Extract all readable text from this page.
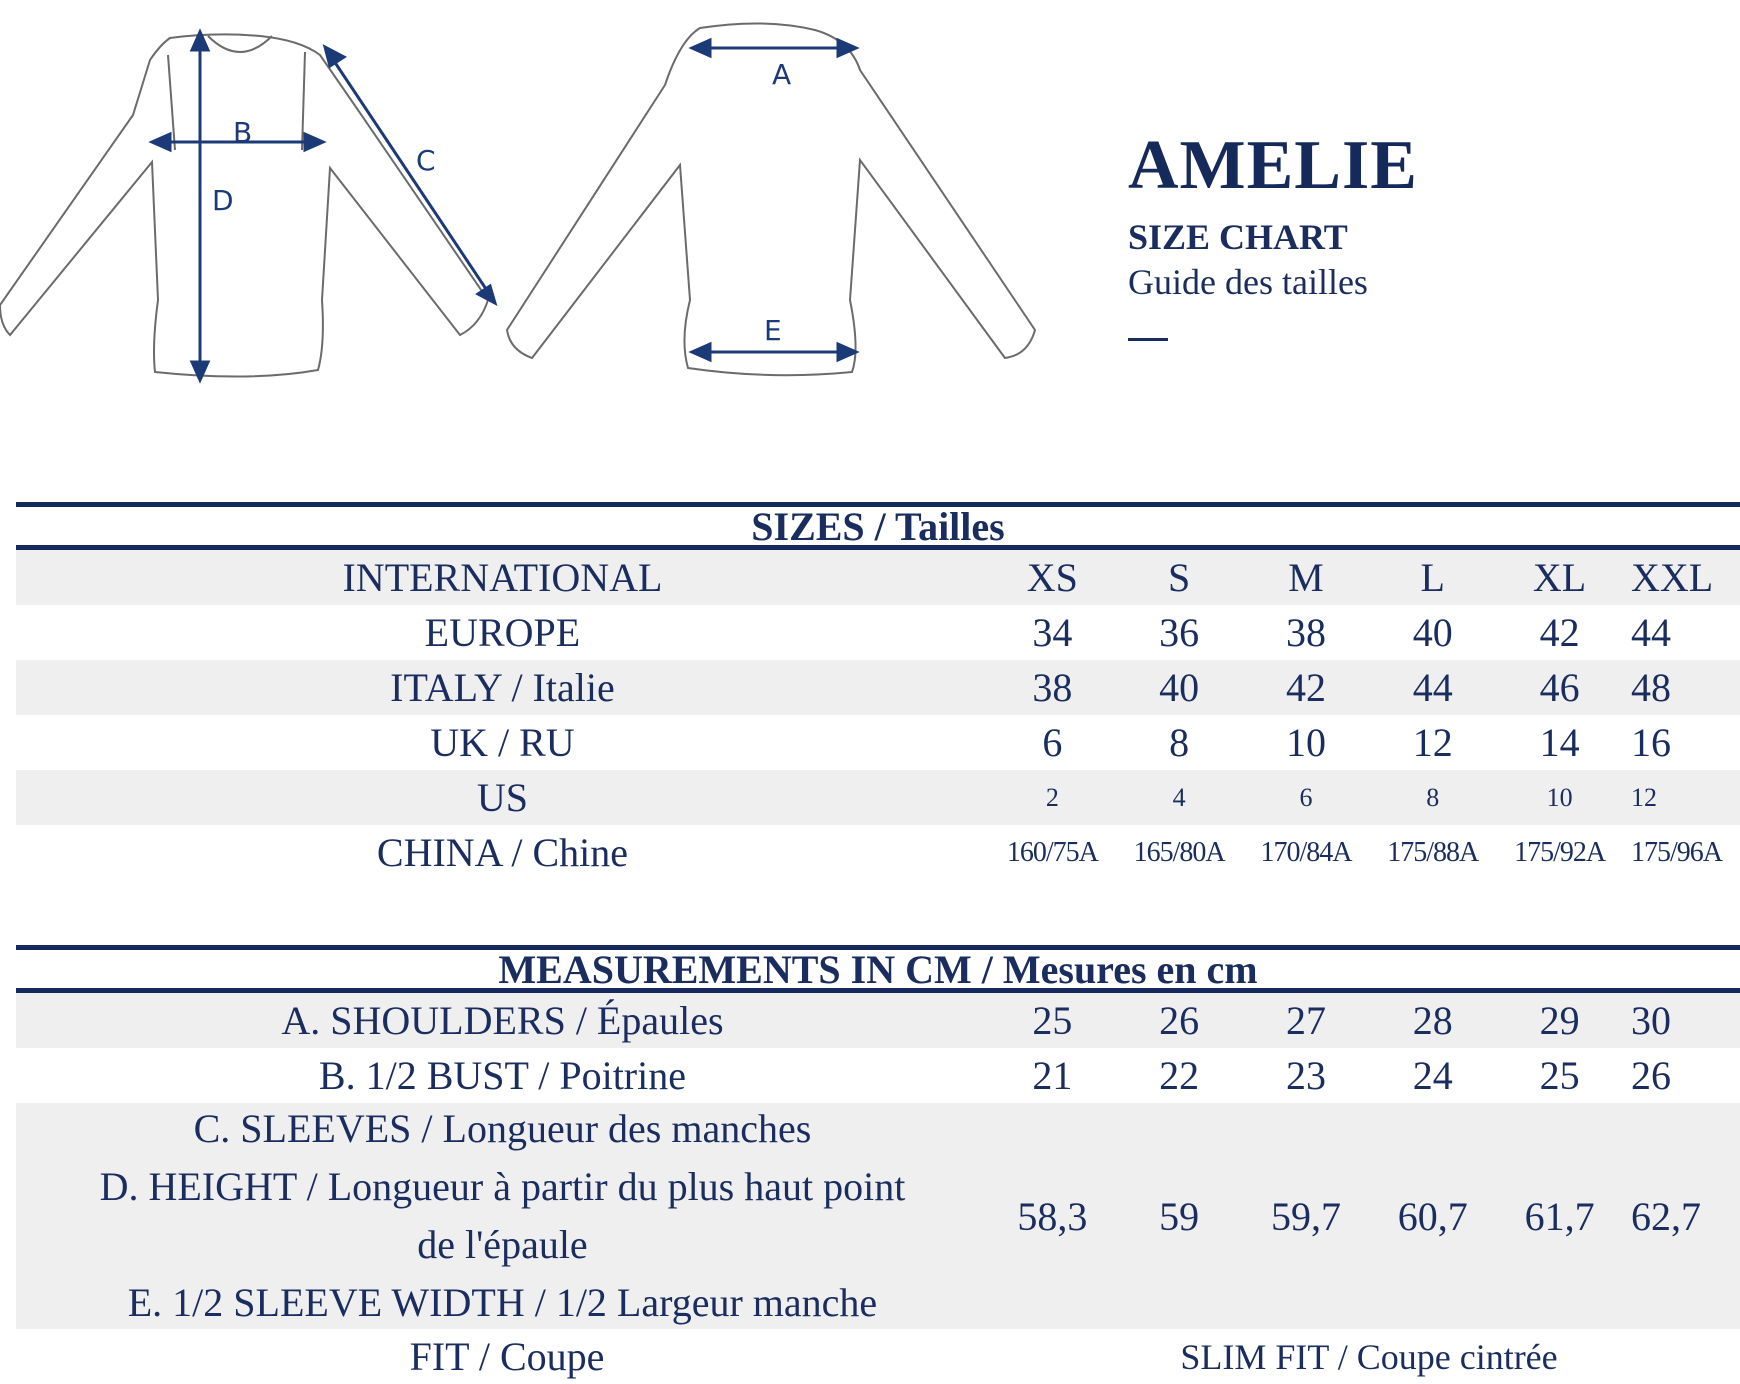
B
D
C
A
E
AMELIE
SIZE CHART
Guide des tailles
SIZES / Tailles
INTERNATIONAL	XS	S	M	L	XL	XXL
EUROPE	34	36	38	40	42	44
ITALY / Italie	38	40	42	44	46	48
UK / RU	6	8	10	12	14	16
US	2	4	6	8	10	12
CHINA / Chine	160/75A	165/80A	170/84A	175/88A	175/92A 175/96A
MEASUREMENTS IN CM / Mesures en cm
A. SHOULDERS / Épaules	25	26	27	28	29	30
B. 1/2 BUST / Poitrine	21	22	23	24	25	26
C. SLEEVES / Longueur des manches
D. HEIGHT / Longueur à partir du plus haut point
de l'épaule
E. 1/2 SLEEVE WIDTH / 1/2 Largeur manche
58,3	59	59,7	60,7	61,7 62,7
FIT / Coupe	SLIM FIT / Coupe cintrée
